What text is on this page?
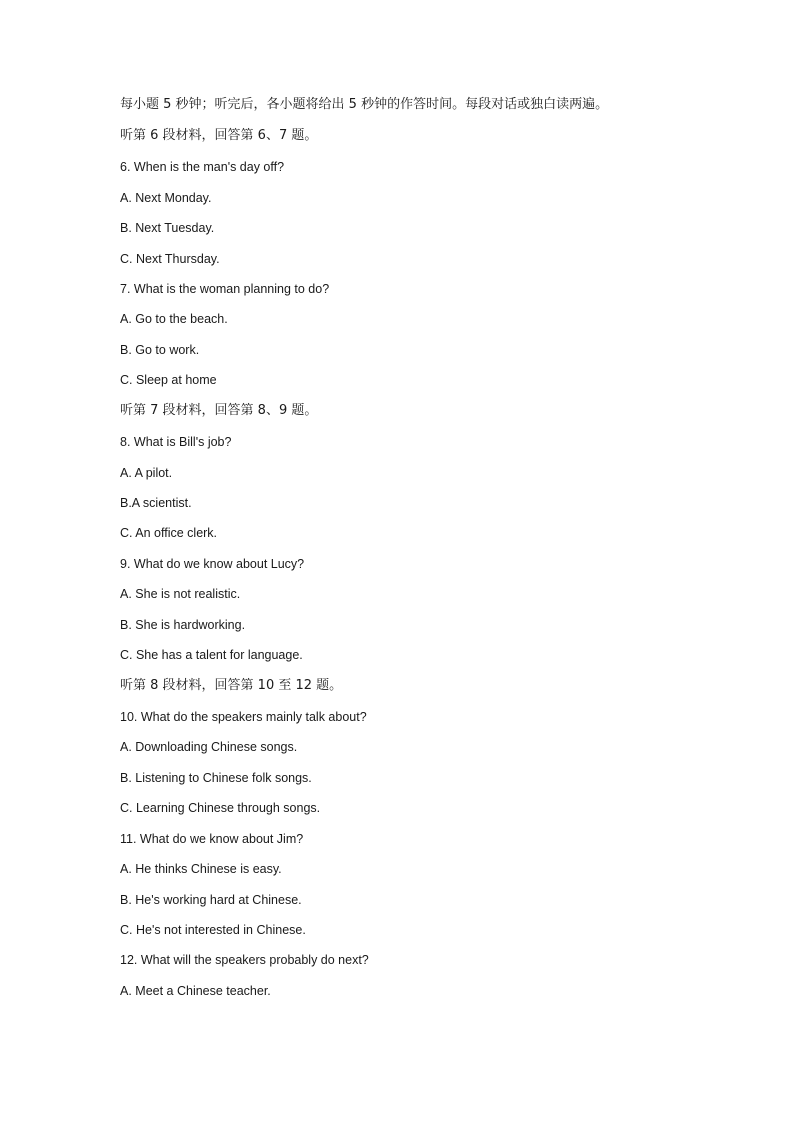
每小题 5 秒钟；听完后，各小题将给出 5 秒钟的作答时间。每段对话或独白读两遍。

听第 6 段材料，回答第 6、7 题。

6. When is the man's day off?

A. Next Monday.

B. Next Tuesday.

C. Next Thursday.

7. What is the woman planning to do?

A. Go to the beach.

B. Go to work.

C. Sleep at home

听第 7 段材料，回答第 8、9 题。

8. What is Bill's job?

A. A pilot.

B.A scientist.

C. An office clerk.

9. What do we know about Lucy?

A. She is not realistic.

B. She is hardworking.

C. She has a talent for language.

听第 8 段材料，回答第 10 至 12 题。

10. What do the speakers mainly talk about?

A. Downloading Chinese songs.

B. Listening to Chinese folk songs.

C. Learning Chinese through songs.

11. What do we know about Jim?

A. He thinks Chinese is easy.

B. He's working hard at Chinese.

C. He's not interested in Chinese.

12. What will the speakers probably do next?

A. Meet a Chinese teacher.
